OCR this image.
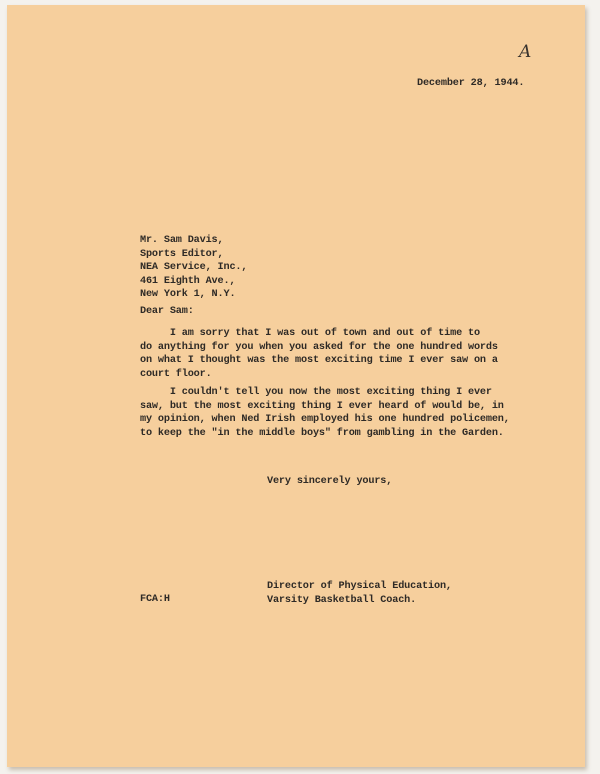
A
December 28, 1944.
Mr. Sam Davis,
Sports Editor,
NEA Service, Inc.,
461 Eighth Ave.,
New York 1, N.Y.
Dear Sam:
I am sorry that I was out of town and out of time to
do anything for you when you asked for the one hundred words
on what I thought was the most exciting time I ever saw on a
court floor.
I couldn't tell you now the most exciting thing I ever
saw, but the most exciting thing I ever heard of would be, in
my opinion, when Ned Irish employed his one hundred policemen,
to keep the "in the middle boys" from gambling in the Garden.
Very sincerely yours,
Director of Physical Education,
Varsity Basketball Coach.
FCA:H
